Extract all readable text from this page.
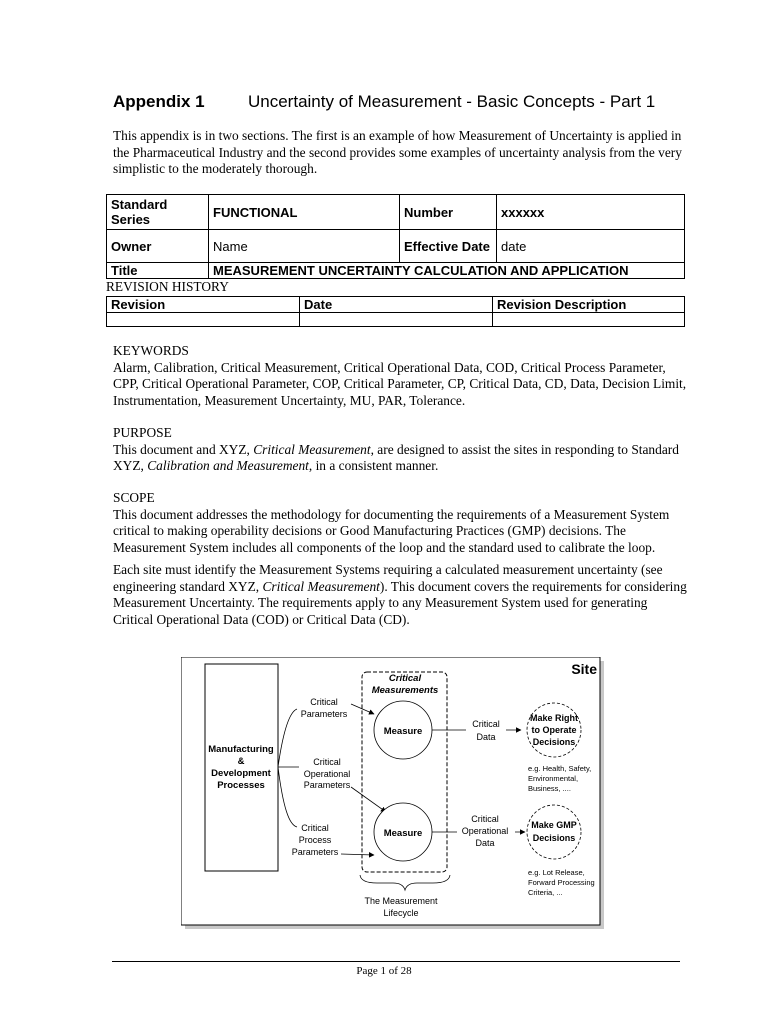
Appendix 1	Uncertainty of Measurement - Basic Concepts - Part 1

This appendix is in two sections. The first is an example of how Measurement of Uncertainty is applied in the Pharmaceutical Industry and the second provides some examples of uncertainty analysis from the very simplistic to the moderately thorough.

Standard Series	FUNCTIONAL	Number	xxxxxx
Owner	Name	Effective Date	date
Title	MEASUREMENT UNCERTAINTY CALCULATION AND APPLICATION		
REVISION HISTORY
Revision	Date	Revision Description

KEYWORDS

Alarm, Calibration, Critical Measurement, Critical Operational Data, COD, Critical Process Parameter, CPP, Critical Operational Parameter, COP, Critical Parameter, CP, Critical Data, CD, Data, Decision Limit, Instrumentation, Measurement Uncertainty, MU, PAR, Tolerance.

PURPOSE

This document and XYZ, Critical Measurement, are designed to assist the sites in responding to Standard XYZ, Calibration and Measurement, in a consistent manner.

SCOPE

This document addresses the methodology for documenting the requirements of a Measurement System critical to making operability decisions or Good Manufacturing Practices (GMP) decisions. The Measurement System includes all components of the loop and the standard used to calibrate the loop.

Each site must identify the Measurement Systems requiring a calculated measurement uncertainty (see engineering standard XYZ, Critical Measurement). This document covers the requirements for considering Measurement Uncertainty. The requirements apply to any Measurement System used for generating Critical Operational Data (COD) or Critical Data (CD).

Site
Manufacturing
&
Development
Processes
Critical
Measurements
Critical
Parameters
Critical
Operational
Parameters
Critical
Process
Parameters
Measure
Measure
Critical
Data
Critical
Operational
Data
Make Right
to Operate
Decisions
Make GMP
Decisions
e.g. Health, Safety,
Environmental,
Business, ....
e.g. Lot Release,
Forward Processing
Criteria, ...
The Measurement
Lifecycle
Page 1 of 28
